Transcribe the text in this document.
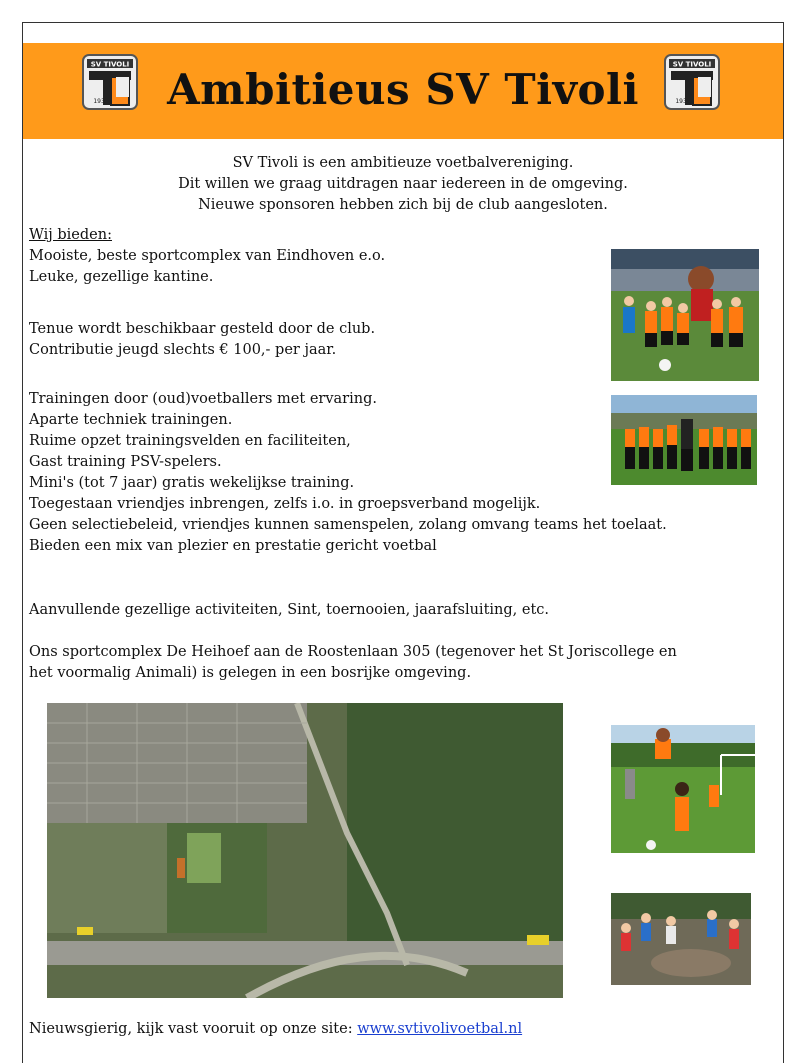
SV TIVOLI
1931	Ambitieus SV Tivoli
SV TIVOLI
1931
SV Tivoli is een ambitieuze voetbalvereniging.
Dit willen we graag uitdragen naar iedereen in de omgeving.
Nieuwe sponsoren hebben zich bij de club aangesloten.
Wij bieden:
Mooiste, beste sportcomplex van Eindhoven e.o.
Leuke, gezellige kantine.
Tenue wordt beschikbaar gesteld door de club.
Contributie jeugd slechts € 100,- per jaar.
Trainingen door (oud)voetballers met ervaring.
Aparte techniek trainingen.
Ruime opzet trainingsvelden en faciliteiten,
Gast training PSV-spelers.
Mini's (tot 7 jaar) gratis wekelijkse training.
Toegestaan vriendjes inbrengen, zelfs i.o. in groepsverband mogelijk.
Geen selectiebeleid, vriendjes kunnen samenspelen, zolang omvang teams het toelaat.
Bieden een mix van plezier en prestatie gericht voetbal
Aanvullende gezellige activiteiten, Sint, toernooien, jaarafsluiting, etc.
Ons sportcomplex De Heihoef aan de Roostenlaan 305 (tegenover het St Joriscollege en
het voormalig Animali) is gelegen in een bosrijke omgeving.
Nieuwsgierig, kijk vast vooruit op onze site: www.svtivolivoetbal.nl
